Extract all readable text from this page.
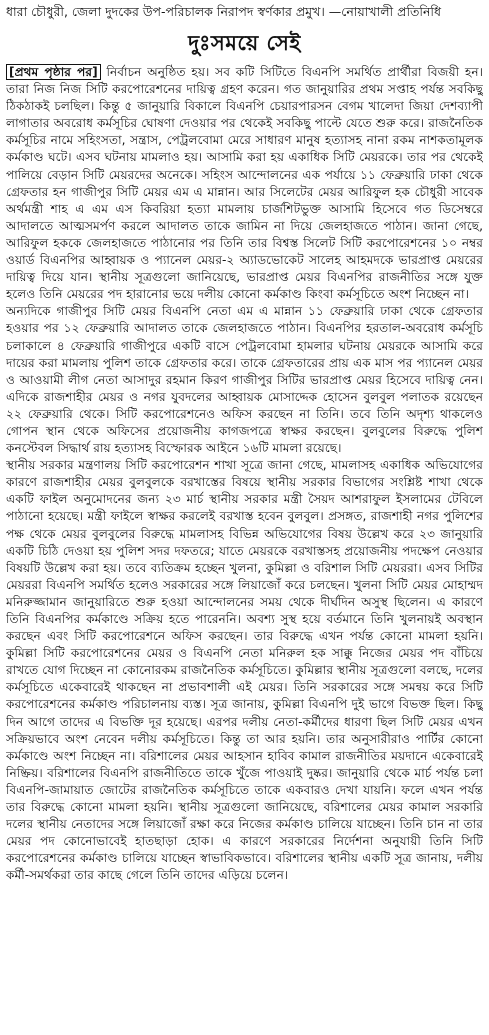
ধারা চৌধুরী, জেলা দুদকের উপ-পরিচালক নিরাপদ স্বর্ণকার প্রমুখ। —নোয়াখালী প্রতিনিধি
দুঃসময়ে সেই

[প্রথম পৃষ্ঠার পর] নির্বাচন অনুষ্ঠিত হয়। সব কটি সিটিতে বিএনপি সমর্থিত প্রার্থীরা বিজয়ী হন। তারা নিজ নিজ সিটি করপোরেশনের দায়িত্ব গ্রহণ করেন। গত জানুয়ারির প্রথম সপ্তাহ পর্যন্ত সবকিছু ঠিকঠাকই চলছিল। কিন্তু ৫ জানুয়ারি বিকালে বিএনপি চেয়ারপারসন বেগম খালেদা জিয়া দেশব্যাপী লাগাতার অবরোধ কর্মসূচির ঘোষণা দেওয়ার পর থেকেই সবকিছু পাল্টে যেতে শুরু করে। রাজনৈতিক কর্মসূচির নামে সহিংসতা, সন্ত্রাস, পেট্রলবোমা মেরে সাধারণ মানুষ হত্যাসহ নানা রকম নাশকতামূলক কর্মকাণ্ড ঘটে। এসব ঘটনায় মামলাও হয়। আসামি করা হয় একাধিক সিটি মেয়রকে। তার পর থেকেই পালিয়ে বেড়ান সিটি মেয়রদের অনেকে। সহিংস আন্দোলনের এক পর্যায়ে ১১ ফেব্রুয়ারি ঢাকা থেকে গ্রেফতার হন গাজীপুর সিটি মেয়র এম এ মান্নান। আর সিলেটের মেয়র আরিফুল হক চৌধুরী সাবেক অর্থমন্ত্রী শাহ এ এম এস কিবরিয়া হত্যা মামলায় চার্জশিটভুক্ত আসামি হিসেবে গত ডিসেম্বরে আদালতে আত্মসমর্পণ করলে আদালত তাকে জামিন না দিয়ে জেলহাজতে পাঠান। জানা গেছে, আরিফুল হককে জেলহাজতে পাঠানোর পর তিনি তার বিশ্বস্ত সিলেট সিটি করপোরেশনের ১০ নম্বর ওয়ার্ড বিএনপির আহ্বায়ক ও প্যানেল মেয়র-২ অ্যাডভোকেট সালেহ আহমদকে ভারপ্রাপ্ত মেয়রের দায়িত্ব দিয়ে যান। স্থানীয় সূত্রগুলো জানিয়েছে, ভারপ্রাপ্ত মেয়র বিএনপির রাজনীতির সঙ্গে যুক্ত হলেও তিনি মেয়রের পদ হারানোর ভয়ে দলীয় কোনো কর্মকাণ্ড কিংবা কর্মসূচিতে অংশ নিচ্ছেন না।

অন্যদিকে গাজীপুর সিটি মেয়র বিএনপি নেতা এম এ মান্নান ১১ ফেব্রুয়ারি ঢাকা থেকে গ্রেফতার হওয়ার পর ১২ ফেব্রুয়ারি আদালত তাকে জেলহাজতে পাঠান। বিএনপির হরতাল-অবরোধ কর্মসূচি চলাকালে ৪ ফেব্রুয়ারি গাজীপুরে একটি বাসে পেট্রলবোমা হামলার ঘটনায় মেয়রকে আসামি করে দায়ের করা মামলায় পুলিশ তাকে গ্রেফতার করে। তাকে গ্রেফতারের প্রায় এক মাস পর প্যানেল মেয়র ও আওয়ামী লীগ নেতা আসাদুর রহমান কিরণ গাজীপুর সিটির ভারপ্রাপ্ত মেয়র হিসেবে দায়িত্ব নেন। এদিকে রাজশাহীর মেয়র ও নগর যুবদলের আহ্বায়ক মোসাদ্দেক হোসেন বুলবুল পলাতক রয়েছেন ২২ ফেব্রুয়ারি থেকে। সিটি করপোরেশনেও অফিস করছেন না তিনি। তবে তিনি অদৃশ্য থাকলেও গোপন স্থান থেকে অফিসের প্রয়োজনীয় কাগজপত্রে স্বাক্ষর করছেন। বুলবুলের বিরুদ্ধে পুলিশ কনস্টেবল সিদ্ধার্থ রায় হত্যাসহ বিস্ফোরক আইনে ১৬টি মামলা রয়েছে।

স্থানীয় সরকার মন্ত্রণালয় সিটি করপোরেশন শাখা সূত্রে জানা গেছে, মামলাসহ একাধিক অভিযোগের কারণে রাজশাহীর মেয়র বুলবুলকে বরখাস্তের বিষয়ে স্থানীয় সরকার বিভাগের সংশ্লিষ্ট শাখা থেকে একটি ফাইল অনুমোদনের জন্য ২৩ মার্চ স্থানীয় সরকার মন্ত্রী সৈয়দ আশরাফুল ইসলামের টেবিলে পাঠানো হয়েছে। মন্ত্রী ফাইলে স্বাক্ষর করলেই বরখাস্ত হবেন বুলবুল। প্রসঙ্গত, রাজশাহী নগর পুলিশের পক্ষ থেকে মেয়র বুলবুলের বিরুদ্ধে মামলাসহ বিভিন্ন অভিযোগের বিষয় উল্লেখ করে ২৩ জানুয়ারি একটি চিঠি দেওয়া হয় পুলিশ সদর দফতরে; যাতে মেয়রকে বরখাস্তসহ প্রয়োজনীয় পদক্ষেপ নেওয়ার বিষয়টি উল্লেখ করা হয়। তবে ব্যতিক্রম হচ্ছেন খুলনা, কুমিল্লা ও বরিশাল সিটি মেয়ররা। এসব সিটির মেয়ররা বিএনপি সমর্থিত হলেও সরকারের সঙ্গে লিয়াজোঁ করে চলছেন। খুলনা সিটি মেয়র মোহাম্মদ মনিরুজ্জামান জানুয়ারিতে শুরু হওয়া আন্দোলনের সময় থেকে দীর্ঘদিন অসুস্থ ছিলেন। এ কারণে তিনি বিএনপির কর্মকাণ্ডে সক্রিয় হতে পারেননি। অবশ্য সুস্থ হয়ে বর্তমানে তিনি খুলনায়ই অবস্থান করছেন এবং সিটি করপোরেশনে অফিস করছেন। তার বিরুদ্ধে এখন পর্যন্ত কোনো মামলা হয়নি। কুমিল্লা সিটি করপোরেশনের মেয়র ও বিএনপি নেতা মনিরুল হক সাক্কু নিজের মেয়র পদ বাঁচিয়ে রাখতে যোগ দিচ্ছেন না কোনোরকম রাজনৈতিক কর্মসূচিতে। কুমিল্লার স্থানীয় সূত্রগুলো বলছে, দলের কর্মসূচিতে একেবারেই থাকছেন না প্রভাবশালী এই মেয়র। তিনি সরকারের সঙ্গে সমন্বয় করে সিটি করপোরেশনের কর্মকাণ্ড পরিচালনায় ব্যস্ত। সূত্র জানায়, কুমিল্লা বিএনপি দুই ভাগে বিভক্ত ছিল। কিছু দিন আগে তাদের এ বিভক্তি দূর হয়েছে। এরপর দলীয় নেতা-কর্মীদের ধারণা ছিল সিটি মেয়র এখন সক্রিয়ভাবে অংশ নেবেন দলীয় কর্মসূচিতে। কিন্তু তা আর হয়নি। তার অনুসারীরাও পার্টির কোনো কর্মকাণ্ডে অংশ নিচ্ছেন না। বরিশালের মেয়র আহসান হাবিব কামাল রাজনীতির ময়দানে একেবারেই নিষ্ক্রিয়। বরিশালের বিএনপি রাজনীতিতে তাকে খুঁজে পাওয়াই দুষ্কর। জানুয়ারি থেকে মার্চ পর্যন্ত চলা বিএনপি-জামায়াত জোটের রাজনৈতিক কর্মসূচিতে তাকে একবারও দেখা যায়নি। ফলে এখন পর্যন্ত তার বিরুদ্ধে কোনো মামলা হয়নি। স্থানীয় সূত্রগুলো জানিয়েছে, বরিশালের মেয়র কামাল সরকারি দলের স্থানীয় নেতাদের সঙ্গে লিয়াজোঁ রক্ষা করে নিজের কর্মকাণ্ড চালিয়ে যাচ্ছেন। তিনি চান না তার মেয়র পদ কোনোভাবেই হাতছাড়া হোক। এ কারণে সরকারের নির্দেশনা অনুযায়ী তিনি সিটি করপোরেশনের কর্মকাণ্ড চালিয়ে যাচ্ছেন স্বাভাবিকভাবে। বরিশালের স্থানীয় একটি সূত্র জানায়, দলীয় কর্মী-সমর্থকরা তার কাছে গেলে তিনি তাদের এড়িয়ে চলেন।
